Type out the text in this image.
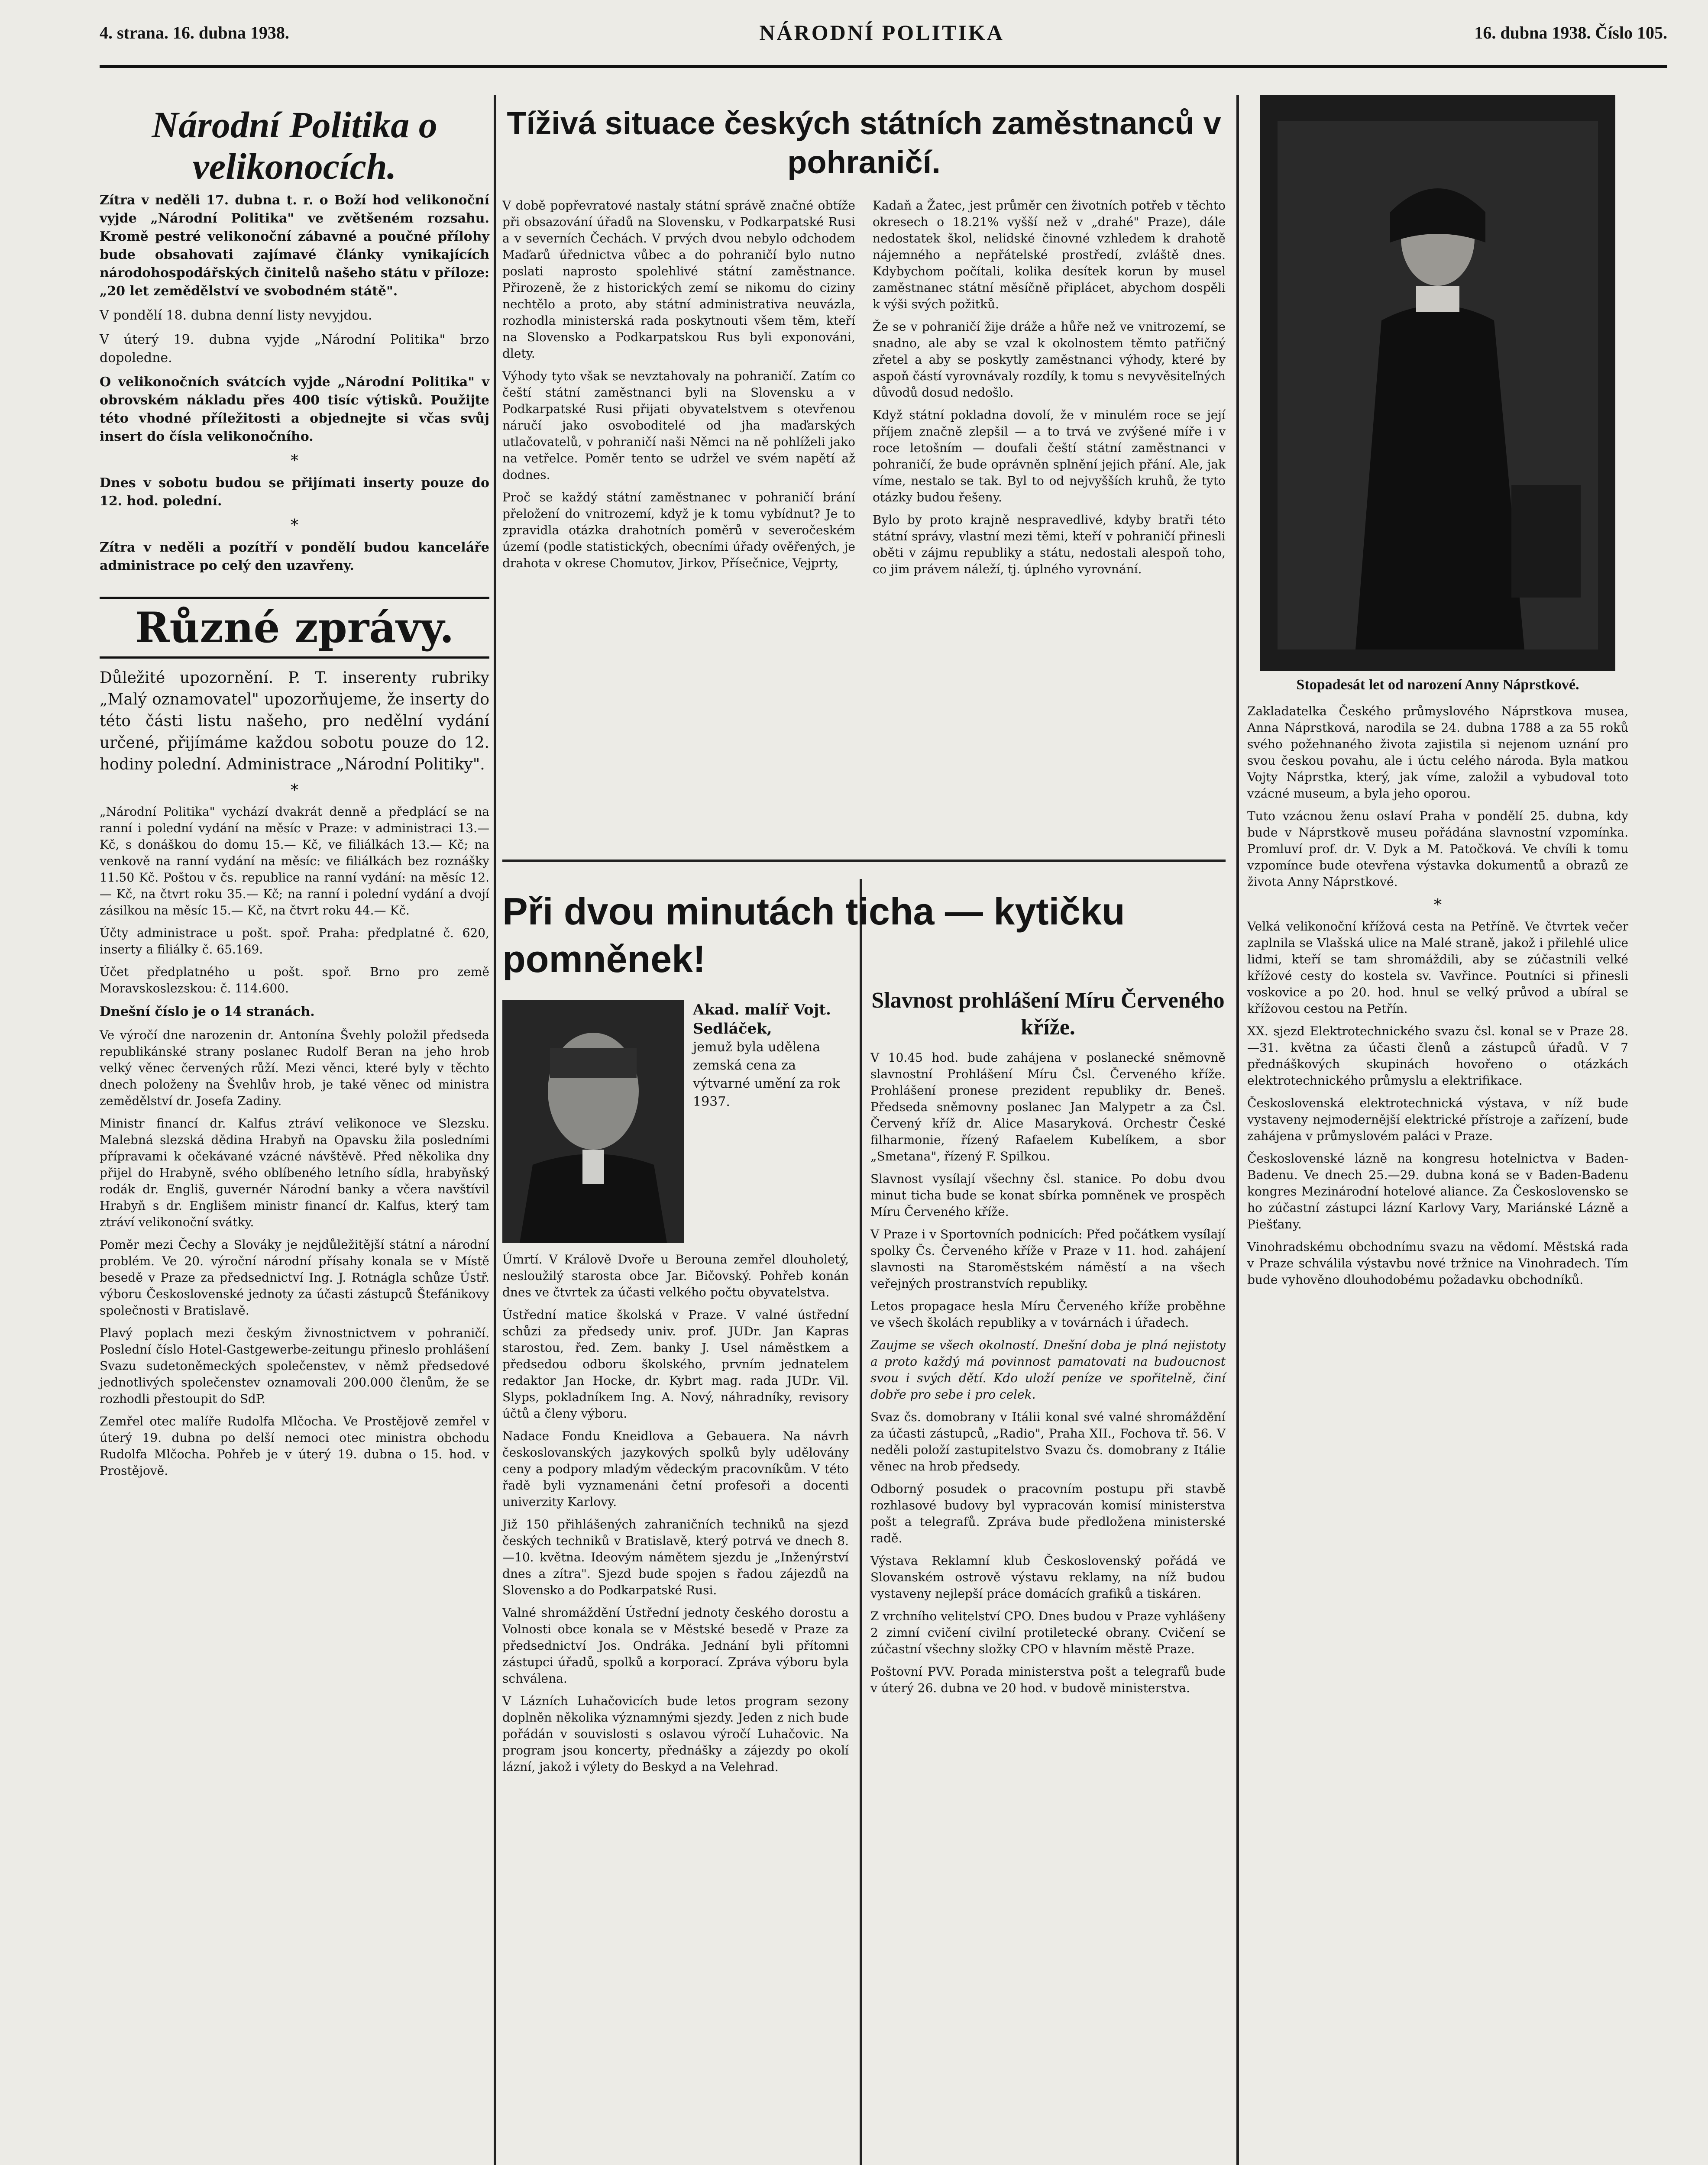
4. strana. 16. dubna 1938.	NÁRODNÍ POLITIKA	16. dubna 1938. Číslo 105.
Národní Politika o velikonocích.
Zítra v neděli 17. dubna t. r. o Boží hod velikonoční vyjde „Národní Politika" ve zvětšeném rozsahu. Kromě pestré velikonoční zábavné a poučné přílohy bude obsahovati zajímavé články vynikajících národohospodářských činitelů našeho státu v příloze: „20 let zemědělství ve svobodném státě".
V pondělí 18. dubna denní listy nevyjdou.
V úterý 19. dubna vyjde „Národní Politika" brzo dopoledne.
O velikonočních svátcích vyjde „Národní Politika" v obrovském nákladu přes 400 tisíc výtisků. Použijte této vhodné příležitosti a objednejte si včas svůj insert do čísla velikonočního.
*
Dnes v sobotu budou se přijímati inserty pouze do 12. hod. polední.
*
Zítra v neděli a pozítří v pondělí budou kanceláře administrace po celý den uzavřeny.
Různé zprávy.
Důležité upozornění. P. T. inserenty rubriky „Malý oznamovatel" upozorňujeme, že inserty do této části listu našeho, pro nedělní vydání určené, přijímáme každou sobotu pouze do 12. hodiny polední. Administrace „Národní Politiky".
*
„Národní Politika" vychází dvakrát denně a předplácí se na ranní i polední vydání na měsíc v Praze: v administraci 13.— Kč, s donáškou do domu 15.— Kč, ve filiálkách 13.— Kč; na venkově na ranní vydání na měsíc: ve filiálkách bez roznášky 11.50 Kč. Poštou v čs. republice na ranní vydání: na měsíc 12.— Kč, na čtvrt roku 35.— Kč; na ranní i polední vydání a dvojí zásilkou na měsíc 15.— Kč, na čtvrt roku 44.— Kč.
Účty administrace u pošt. spoř. Praha: předplatné č. 620, inserty a filiálky č. 65.169.
Účet předplatného u pošt. spoř. Brno pro země Moravskoslezskou: č. 114.600.
Dnešní číslo je o 14 stranách.
Ve výročí dne narozenin dr. Antonína Švehly položil předseda republikánské strany poslanec Rudolf Beran na jeho hrob velký věnec červených růží. Mezi věnci, které byly v těchto dnech položeny na Švehlův hrob, je také věnec od ministra zemědělství dr. Josefa Zadiny.
Ministr financí dr. Kalfus ztráví velikonoce ve Slezsku. Malebná slezská dědina Hrabyň na Opavsku žila posledními přípravami k očekávané vzácné návštěvě. Před několika dny přijel do Hrabyně, svého oblíbeného letního sídla, hrabyňský rodák dr. Engliš, guvernér Národní banky a včera navštívil Hrabyň s dr. Englišem ministr financí dr. Kalfus, který tam ztráví velikonoční svátky.
Poměr mezi Čechy a Slováky je nejdůležitější státní a národní problém. Ve 20. výroční národní přísahy konala se v Místě besedě v Praze za předsednictví Ing. J. Rotnágla schůze Ústř. výboru Československé jednoty za účasti zástupců Štefánikovy společnosti v Bratislavě.
Plavý poplach mezi českým živnostnictvem v pohraničí. Poslední číslo Hotel-Gastgewerbe-zeitungu přineslo prohlášení Svazu sudetoněmeckých společenstev, v němž předsedové jednotlivých společenstev oznamovali 200.000 členům, že se rozhodli přestoupit do SdP.
Zemřel otec malíře Rudolfa Mlčocha. Ve Prostějově zemřel v úterý 19. dubna po delší nemoci otec ministra obchodu Rudolfa Mlčocha. Pohřeb je v úterý 19. dubna o 15. hod. v Prostějově.
Tíživá situace českých státních zaměstnanců v pohraničí.
V době popřevratové nastaly státní správě značné obtíže při obsazování úřadů na Slovensku, v Podkarpatské Rusi a v severních Čechách. V prvých dvou nebylo odchodem Maďarů úřednictva vůbec a do pohraničí bylo nutno poslati naprosto spolehlivé státní zaměstnance. Přirozeně, že z historických zemí se nikomu do ciziny nechtělo a proto, aby státní administrativa neuvázla, rozhodla ministerská rada poskytnouti všem těm, kteří na Slovensko a Podkarpatskou Rus byli exponováni, dlety.
Výhody tyto však se nevztahovaly na pohraničí. Zatím co čeští státní zaměstnanci byli na Slovensku a v Podkarpatské Rusi přijati obyvatelstvem s otevřenou náručí jako osvoboditelé od jha maďarských utlačovatelů, v pohraničí naši Němci na ně pohlíželi jako na vetřelce. Poměr tento se udržel ve svém napětí až dodnes.
Proč se každý státní zaměstnanec v pohraničí brání přeložení do vnitrozemí, když je k tomu vybídnut? Je to zpravidla otázka drahotních poměrů v severočeském území (podle statistických, obecními úřady ověřených, je drahota v okrese Chomutov, Jirkov, Přísečnice, Vejprty,
Kadaň a Žatec, jest průměr cen životních potřeb v těchto okresech o 18.21% vyšší než v „drahé" Praze), dále nedostatek škol, nelidské činovné vzhledem k drahotě nájemného a nepřátelské prostředí, zvláště dnes. Kdybychom počítali, kolika desítek korun by musel zaměstnanec státní měsíčně připlácet, abychom dospěli k výši svých požitků.
Že se v pohraničí žije dráže a hůře než ve vnitrozemí, se snadno, ale aby se vzal k okolnostem těmto patřičný zřetel a aby se poskytly zaměstnanci výhody, které by aspoň částí vyrovnávaly rozdíly, k tomu s nevyvěsiteľných důvodů dosud nedošlo.
Když státní pokladna dovolí, že v minulém roce se její příjem značně zlepšil — a to trvá ve zvýšené míře i v roce letošním — doufali čeští státní zaměstnanci v pohraničí, že bude oprávněn splnění jejich přání. Ale, jak víme, nestalo se tak. Byl to od nejvyšších kruhů, že tyto otázky budou řešeny.
Bylo by proto krajně nespravedlivé, kdyby bratři této státní správy, vlastní mezi těmi, kteří v pohraničí přinesli oběti v zájmu republiky a státu, nedostali alespoň toho, co jim právem náleží, tj. úplného vyrovnání.
Při dvou minutách ticha — kytičku pomněnek!
Akad. malíř Vojt. Sedláček,
jemuž byla udělena zemská cena za výtvarné umění za rok 1937.
Úmrtí. V Králově Dvoře u Berouna zemřel dlouholetý, nesloužilý starosta obce Jar. Bičovský. Pohřeb konán dnes ve čtvrtek za účasti velkého počtu obyvatelstva.
Ústřední matice školská v Praze. V valné ústřední schůzi za předsedy univ. prof. JUDr. Jan Kapras starostou, řed. Zem. banky J. Usel náměstkem a předsedou odboru školského, prvním jednatelem redaktor Jan Hocke, dr. Kybrt mag. rada JUDr. Vil. Slyps, pokladníkem Ing. A. Nový, náhradníky, revisory účtů a členy výboru.
Nadace Fondu Kneidlova a Gebauera. Na návrh českoslovanských jazykových spolků byly udělovány ceny a podpory mladým vědeckým pracovníkům. V této řadě byli vyznamenáni četní profesoři a docenti univerzity Karlovy.
Již 150 přihlášených zahraničních techniků na sjezd českých techniků v Bratislavě, který potrvá ve dnech 8.—10. května. Ideovým námětem sjezdu je „Inženýrství dnes a zítra". Sjezd bude spojen s řadou zájezdů na Slovensko a do Podkarpatské Rusi.
Valné shromáždění Ústřední jednoty českého dorostu a Volnosti obce konala se v Městské besedě v Praze za předsednictví Jos. Ondráka. Jednání byli přítomni zástupci úřadů, spolků a korporací. Zpráva výboru byla schválena.
V Lázních Luhačovicích bude letos program sezony doplněn několika významnými sjezdy. Jeden z nich bude pořádán v souvislosti s oslavou výročí Luhačovic. Na program jsou koncerty, přednášky a zájezdy po okolí lázní, jakož i výlety do Beskyd a na Velehrad.
Slavnost prohlášení Míru Červeného kříže.
V 10.45 hod. bude zahájena v poslanecké sněmovně slavnostní Prohlášení Míru Čsl. Červeného kříže. Prohlášení pronese prezident republiky dr. Beneš. Předseda sněmovny poslanec Jan Malypetr a za Čsl. Červený kříž dr. Alice Masaryková. Orchestr České filharmonie, řízený Rafaelem Kubelíkem, a sbor „Smetana", řízený F. Spilkou.
Slavnost vysílají všechny čsl. stanice. Po dobu dvou minut ticha bude se konat sbírka pomněnek ve prospěch Míru Červeného kříže.
V Praze i v Sportovních podnicích: Před počátkem vysílají spolky Čs. Červeného kříže v Praze v 11. hod. zahájení slavnosti na Staroměstském náměstí a na všech veřejných prostranstvích republiky.
Letos propagace hesla Míru Červeného kříže proběhne ve všech školách republiky a v továrnách i úřadech.
Zaujme se všech okolností. Dnešní doba je plná nejistoty a proto každý má povinnost pamatovati na budoucnost svou i svých dětí. Kdo uloží peníze ve spořitelně, činí dobře pro sebe i pro celek.
Svaz čs. domobrany v Itálii konal své valné shromáždění za účasti zástupců, „Radio", Praha XII., Fochova tř. 56. V neděli položí zastupitelstvo Svazu čs. domobrany z Itálie věnec na hrob předsedy.
Odborný posudek o pracovním postupu při stavbě rozhlasové budovy byl vypracován komisí ministerstva pošt a telegrafů. Zpráva bude předložena ministerské radě.
Výstava Reklamní klub Československý pořádá ve Slovanském ostrově výstavu reklamy, na níž budou vystaveny nejlepší práce domácích grafiků a tiskáren.
Z vrchního velitelství CPO. Dnes budou v Praze vyhlášeny 2 zimní cvičení civilní protiletecké obrany. Cvičení se zúčastní všechny složky CPO v hlavním městě Praze.
Poštovní PVV. Porada ministerstva pošt a telegrafů bude v úterý 26. dubna ve 20 hod. v budově ministerstva.
Stopadesát let od narození Anny Náprstkové.
Zakladatelka Českého průmyslového Náprstkova musea, Anna Náprstková, narodila se 24. dubna 1788 a za 55 roků svého požehnaného života zajistila si nejenom uznání pro svou českou povahu, ale i úctu celého národa. Byla matkou Vojty Náprstka, který, jak víme, založil a vybudoval toto vzácné museum, a byla jeho oporou.
Tuto vzácnou ženu oslaví Praha v pondělí 25. dubna, kdy bude v Náprstkově museu pořádána slavnostní vzpomínka. Promluví prof. dr. V. Dyk a M. Patočková. Ve chvíli k tomu vzpomínce bude otevřena výstavka dokumentů a obrazů ze života Anny Náprstkové.
*
Velká velikonoční křížová cesta na Petříně. Ve čtvrtek večer zaplnila se Vlašská ulice na Malé straně, jakož i přilehlé ulice lidmi, kteří se tam shromáždili, aby se zúčastnili velké křížové cesty do kostela sv. Vavřince. Poutníci si přinesli voskovice a po 20. hod. hnul se velký průvod a ubíral se křížovou cestou na Petřín.
XX. sjezd Elektrotechnického svazu čsl. konal se v Praze 28.—31. května za účasti členů a zástupců úřadů. V 7 přednáškových skupinách hovořeno o otázkách elektrotechnického průmyslu a elektrifikace.
Československá elektrotechnická výstava, v níž bude vystaveny nejmodernější elektrické přístroje a zařízení, bude zahájena v průmyslovém paláci v Praze.
Československé lázně na kongresu hotelnictva v Baden-Badenu. Ve dnech 25.—29. dubna koná se v Baden-Badenu kongres Mezinárodní hotelové aliance. Za Československo se ho zúčastní zástupci lázní Karlovy Vary, Mariánské Lázně a Piešťany.
Vinohradskému obchodnímu svazu na vědomí. Městská rada v Praze schválila výstavbu nové tržnice na Vinohradech. Tím bude vyhověno dlouhodobému požadavku obchodníků.
